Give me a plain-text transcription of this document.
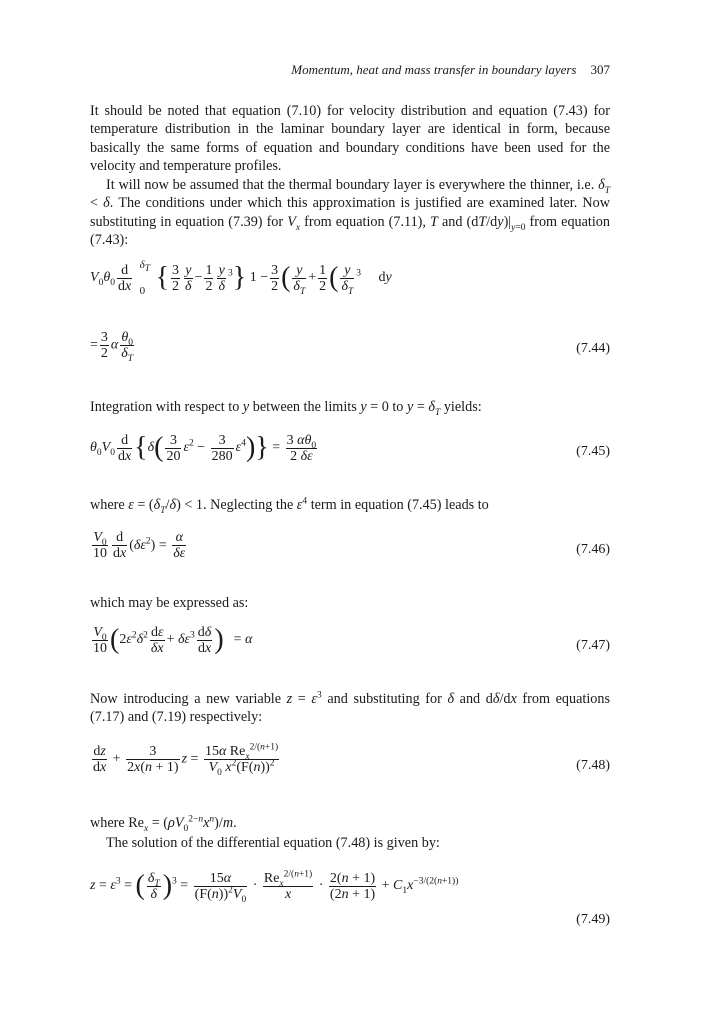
Momentum, heat and mass transfer in boundary layers 307

It should be noted that equation (7.10) for velocity distribution and equation (7.43) for temperature distribution in the laminar boundary layer are identical in form, because basically the same forms of equation and boundary conditions have been used for the velocity and temperature profiles.

It will now be assumed that the thermal boundary layer is everywhere the thinner, i.e. $\delta_T < \delta$. The conditions under which this approximation is justified are examined later. Now substituting in equation (7.39) for $V_x$ from equation (7.11), T and $(dT/dy)|_{y=0}$ from equation (7.43):

$V_0\theta_0 \frac{d}{dx} \delta_T$
0 { $\frac{3}{2} \frac{y}{\delta} - \frac{1}{2} \frac{y}{\delta} ^3$} $1 - \frac{3}{2}$ ( $\frac{y}{\delta_T} + \frac{1}{2}$ ( $\frac{y}{\delta_T} ^3$ dy
= $\frac{3}{2}$ α $\frac{\theta_0}{\delta_T}$	(7.44)

Integration with respect to y between the limits y = 0 to $y = \delta_T$ yields:

$\theta_0V_0 \frac{d}{dx} \{\delta( \frac{3}{20} \varepsilon^2 - \frac{3}{280} \varepsilon^4)\} = \frac{3 \alpha\theta_0}{2 \delta\varepsilon}$	(7.45)

where $\varepsilon = (\delta_T/\delta) < 1$. Neglecting the $\varepsilon^4$ term in equation (7.45) leads to

$\frac{V_0}{10} \frac{d}{dx} (\delta\varepsilon^2) = \frac{\alpha}{\delta\varepsilon}$	(7.46)

which may be expressed as:

$\frac{V_0}{10} (2\varepsilon^2\delta^2 \frac{d\varepsilon}{\delta x} + \delta\varepsilon^3 \frac{d\delta}{dx}$ ) = α	(7.47)

Now introducing a new variable $z = \varepsilon^3$ and substituting for δ and dδ/dx from equations (7.17) and (7.19) respectively:

$\frac{dz}{dx} + \frac{3}{2x(n + 1)}$ $z = \frac{15\alpha Re_x^{2/(n+1)}}{V_0 x^2(F(n))^2}$	(7.48)

where $Re_x = (\rho V_0^{2-n}x^n)/m$.

The solution of the differential equation (7.48) is given by:

$z = \varepsilon^3$ = ( $\frac{\delta_T}{\delta} )^3 = \frac{15\alpha}{(F(n))^2V_0} \cdot \frac{Re_x^{2/(n+1)}}{x} \cdot \frac{2(n + 1)}{(2n + 1)} + C_1x^{-3/(2(n+1))}$
(7.49)
